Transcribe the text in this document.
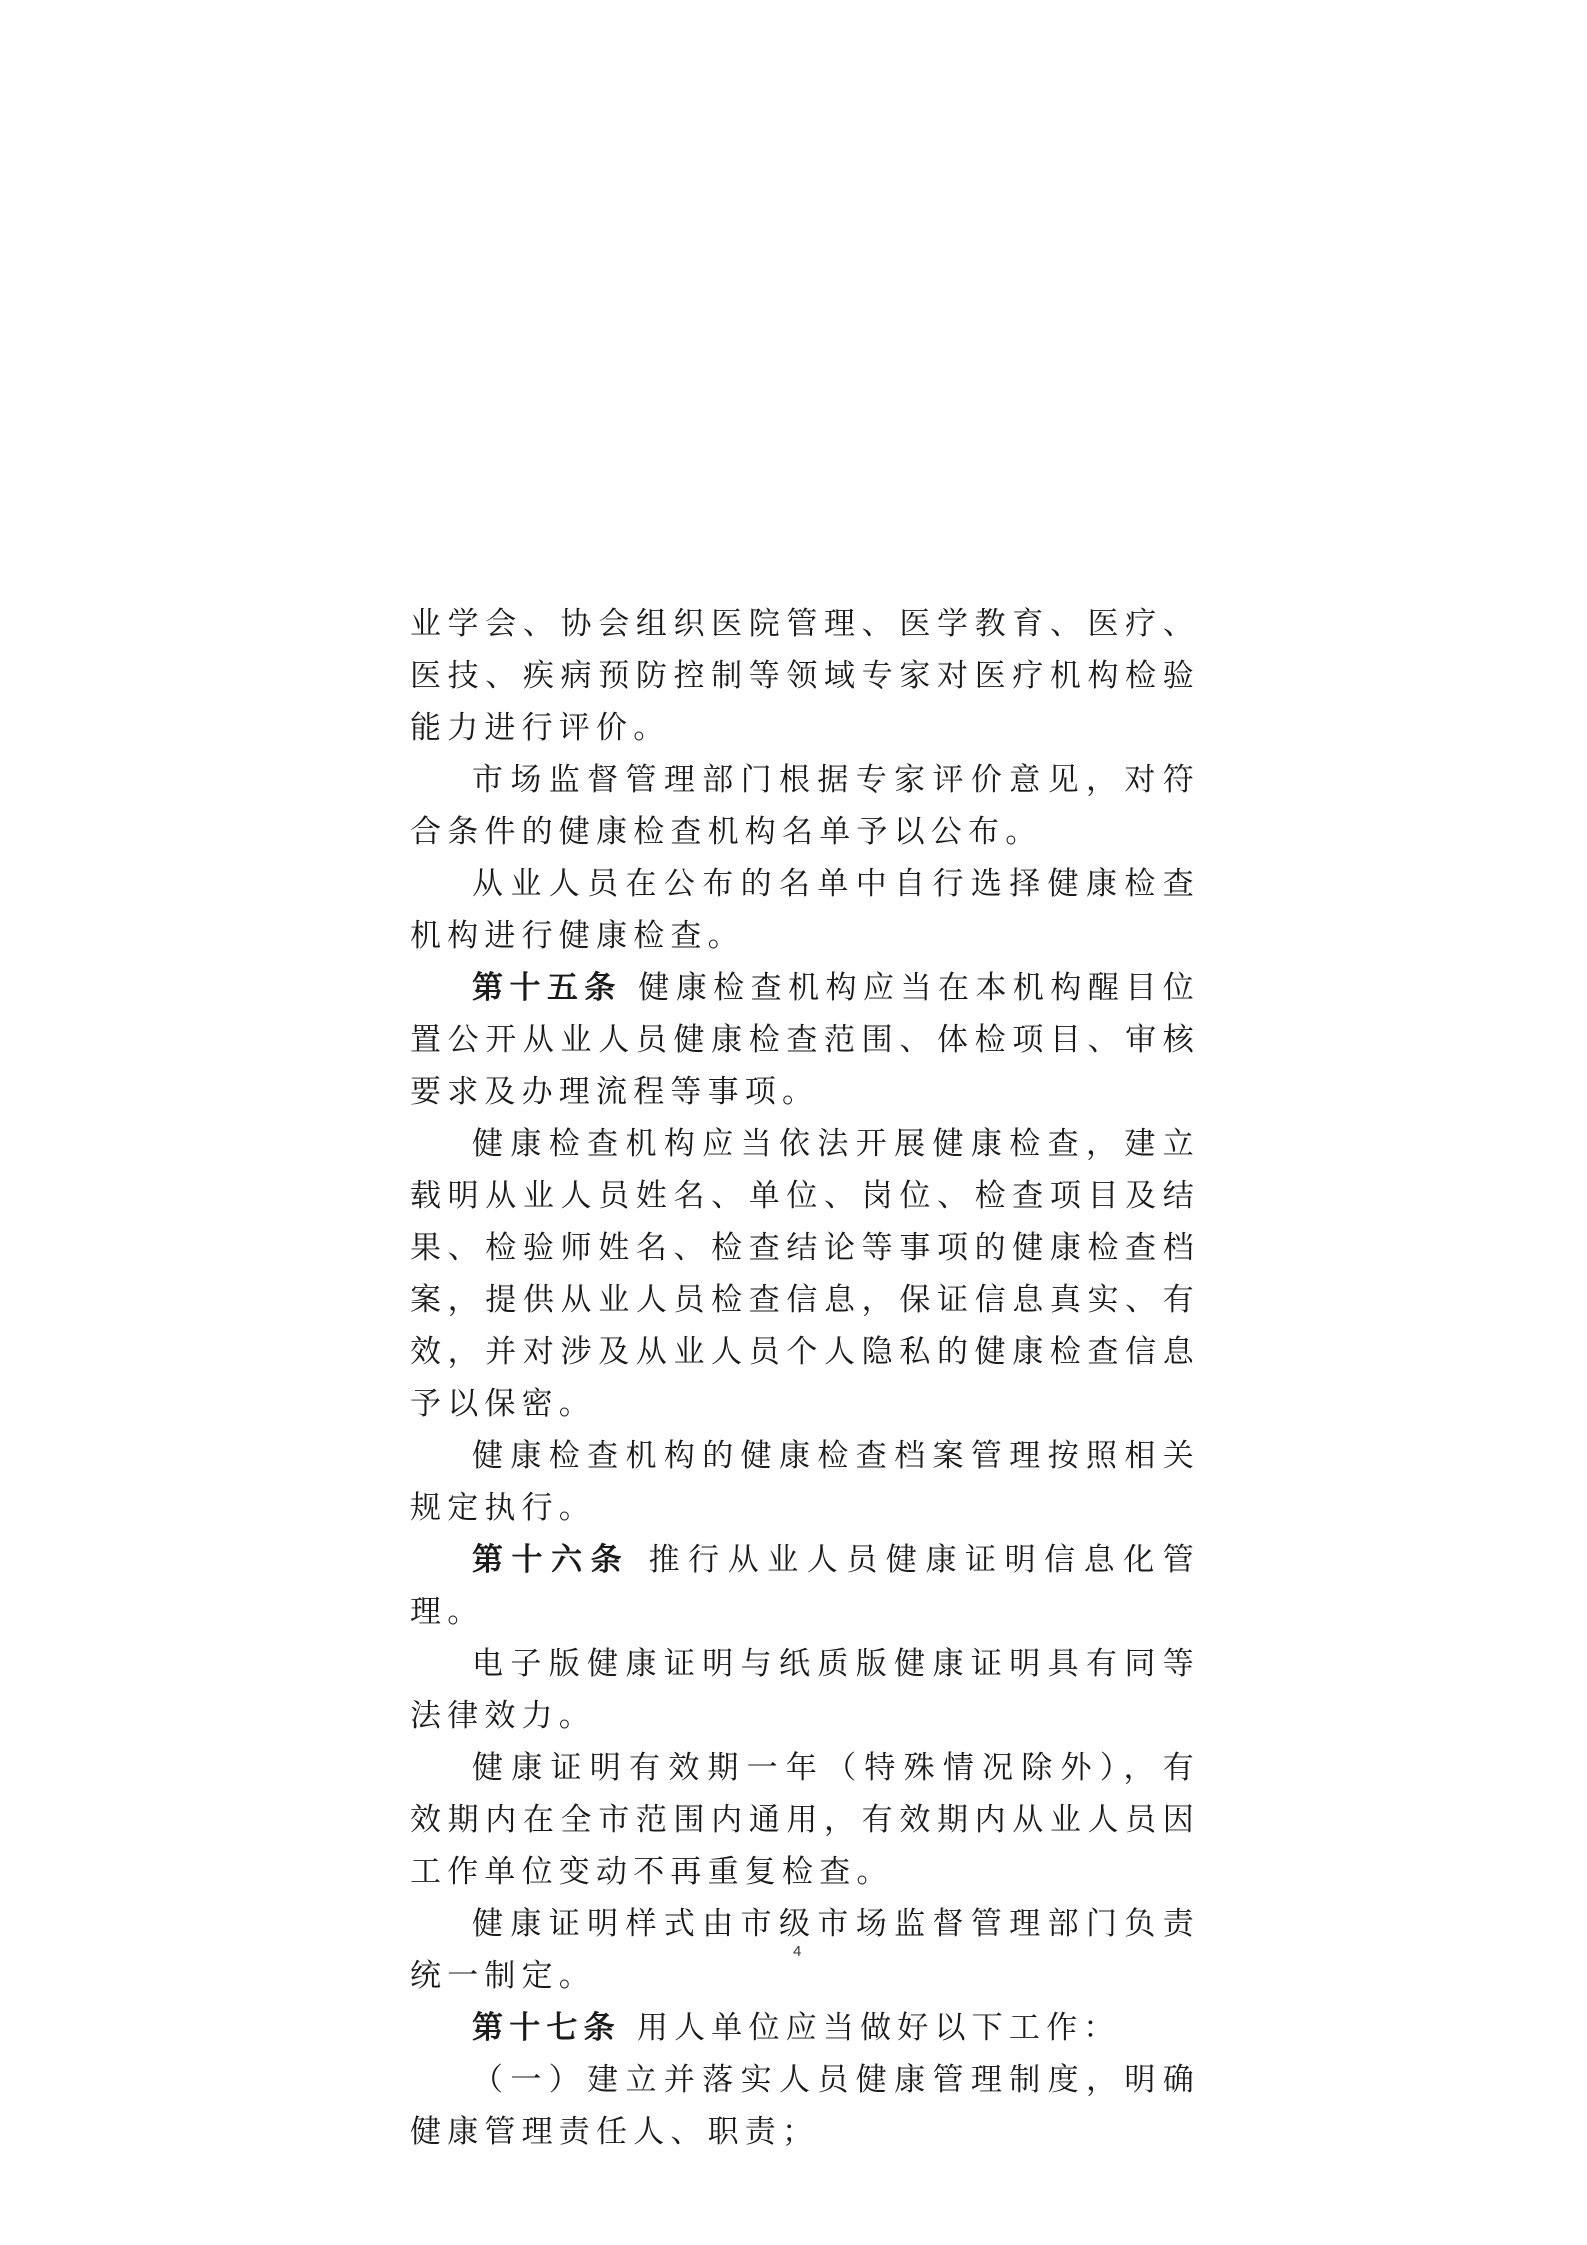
业学会、协会组织医院管理、医学教育、医疗、医技、疾病预防控制等领域专家对医疗机构检验能力进行评价。

市场监督管理部门根据专家评价意见，对符合条件的健康检查机构名单予以公布。

从业人员在公布的名单中自行选择健康检查机构进行健康检查。

第十五条 健康检查机构应当在本机构醒目位置公开从业人员健康检查范围、体检项目、审核要求及办理流程等事项。

健康检查机构应当依法开展健康检查，建立载明从业人员姓名、单位、岗位、检查项目及结果、检验师姓名、检查结论等事项的健康检查档案，提供从业人员检查信息，保证信息真实、有效，并对涉及从业人员个人隐私的健康检查信息予以保密。

健康检查机构的健康检查档案管理按照相关规定执行。

第十六条 推行从业人员健康证明信息化管理。

电子版健康证明与纸质版健康证明具有同等法律效力。

健康证明有效期一年（特殊情况除外），有效期内在全市范围内通用，有效期内从业人员因工作单位变动不再重复检查。

健康证明样式由市级市场监督管理部门负责统一制定。

第十七条 用人单位应当做好以下工作：

（一）建立并落实人员健康管理制度，明确健康管理责任人、职责；

4
